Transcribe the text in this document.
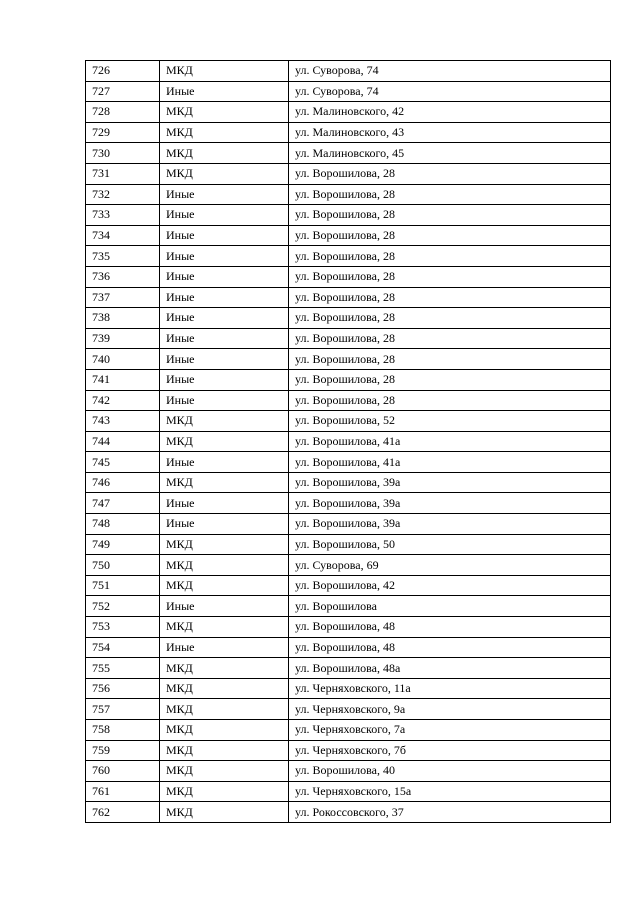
726	МКД	ул. Суворова, 74
727	Иные	ул. Суворова, 74
728	МКД	ул. Малиновского, 42
729	МКД	ул. Малиновского, 43
730	МКД	ул. Малиновского, 45
731	МКД	ул. Ворошилова, 28
732	Иные	ул. Ворошилова, 28
733	Иные	ул. Ворошилова, 28
734	Иные	ул. Ворошилова, 28
735	Иные	ул. Ворошилова, 28
736	Иные	ул. Ворошилова, 28
737	Иные	ул. Ворошилова, 28
738	Иные	ул. Ворошилова, 28
739	Иные	ул. Ворошилова, 28
740	Иные	ул. Ворошилова, 28
741	Иные	ул. Ворошилова, 28
742	Иные	ул. Ворошилова, 28
743	МКД	ул. Ворошилова, 52
744	МКД	ул. Ворошилова, 41а
745	Иные	ул. Ворошилова, 41а
746	МКД	ул. Ворошилова, 39а
747	Иные	ул. Ворошилова, 39а
748	Иные	ул. Ворошилова, 39а
749	МКД	ул. Ворошилова, 50
750	МКД	ул. Суворова, 69
751	МКД	ул. Ворошилова, 42
752	Иные	ул. Ворошилова
753	МКД	ул. Ворошилова, 48
754	Иные	ул. Ворошилова, 48
755	МКД	ул. Ворошилова, 48а
756	МКД	ул. Черняховского, 11а
757	МКД	ул. Черняховского, 9а
758	МКД	ул. Черняховского, 7а
759	МКД	ул. Черняховского, 7б
760	МКД	ул. Ворошилова, 40
761	МКД	ул. Черняховского, 15а
762	МКД	ул. Рокоссовского, 37
